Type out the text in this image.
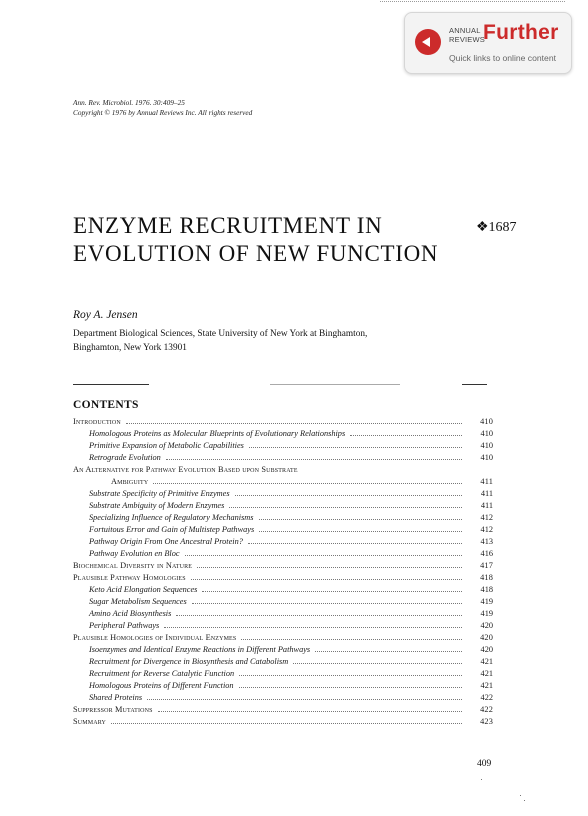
ANNUAL
REVIEWS
Further
Quick links to online content
Ann. Rev. Microbiol. 1976. 30:409–25
Copyright © 1976 by Annual Reviews Inc. All rights reserved
ENZYME RECRUITMENT IN
EVOLUTION OF NEW FUNCTION
❖1687
Roy A. Jensen
Department Biological Sciences, State University of New York at Binghamton,
Binghamton, New York 13901
CONTENTS
Introduction	410
Homologous Proteins as Molecular Blueprints of Evolutionary Relationships	410
Primitive Expansion of Metabolic Capabilities	410
Retrograde Evolution	410
An Alternative for Pathway Evolution Based upon Substrate
Ambiguity	411
Substrate Specificity of Primitive Enzymes	411
Substrate Ambiguity of Modern Enzymes	411
Specializing Influence of Regulatory Mechanisms	412
Fortuitous Error and Gain of Multistep Pathways	412
Pathway Origin From One Ancestral Protein?	413
Pathway Evolution en Bloc	416
Biochemical Diversity in Nature	417
Plausible Pathway Homologies	418
Keto Acid Elongation Sequences	418
Sugar Metabolism Sequences	419
Amino Acid Biosynthesis	419
Peripheral Pathways	420
Plausible Homologies of Individual Enzymes	420
Isoenzymes and Identical Enzyme Reactions in Different Pathways	420
Recruitment for Divergence in Biosynthesis and Catabolism	421
Recruitment for Reverse Catalytic Function	421
Homologous Proteins of Different Function	421
Shared Proteins	422
Suppressor Mutations	422
Summary	423
409
